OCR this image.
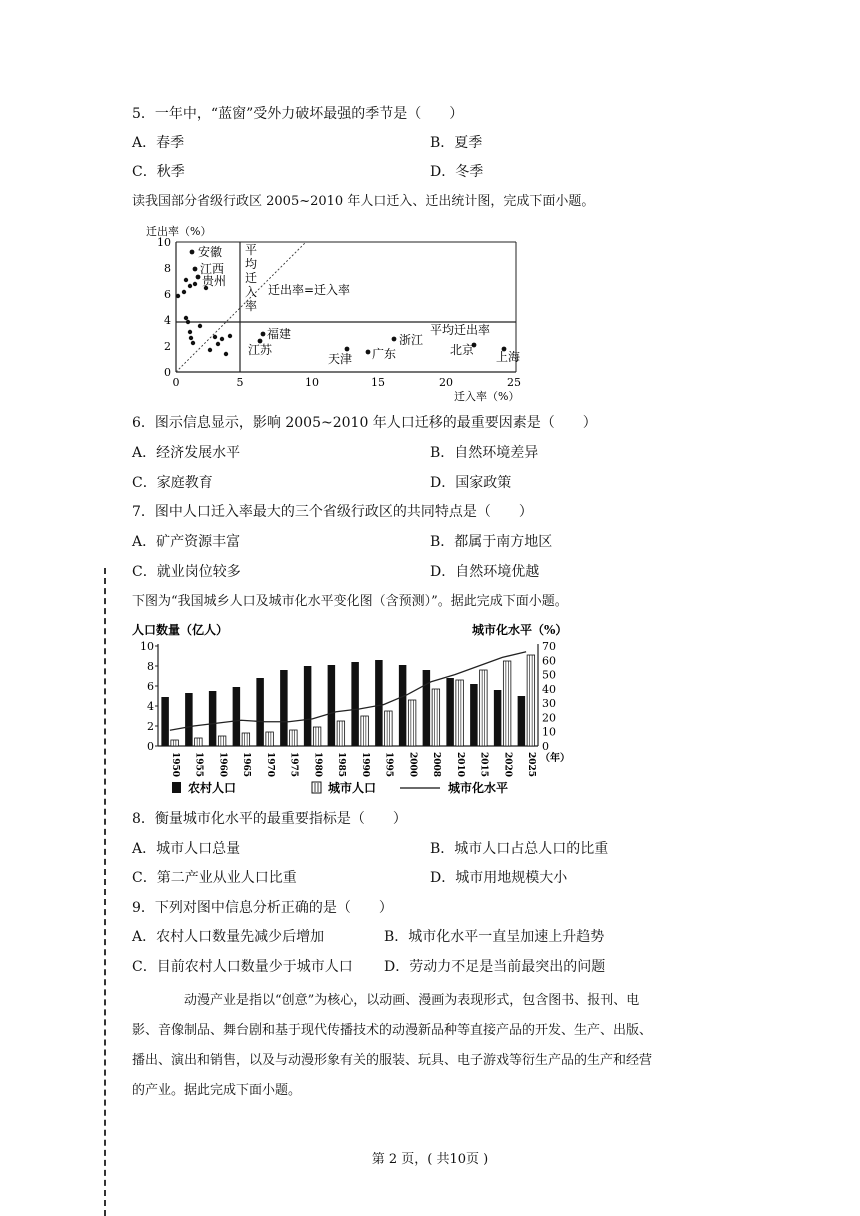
5．一年中，“蓝窗”受外力破坏最强的季节是（　　）
A．春季	B．夏季
C．秋季	D．冬季
读我国部分省级行政区 2005~2010 年人口迁入、迁出统计图，完成下面小题。
迁出率（%）
0
2
4
6
8
10
0	5	10	15	20	25
迁入率（%）
平
均
迁
入
率
迁出率=迁入率
平均迁出率
安徽
江西
贵州
福建
江苏
天津 广东
浙江
北京 上海
6．图示信息显示，影响 2005~2010 年人口迁移的最重要因素是（　　）
A．经济发展水平	B．自然环境差异
C．家庭教育	D．国家政策
7．图中人口迁入率最大的三个省级行政区的共同特点是（　　）
A．矿产资源丰富	B．都属于南方地区
C．就业岗位较多	D．自然环境优越
下图为“我国城乡人口及城市化水平变化图（含预测）”。据此完成下面小题。
人口数量（亿人）	城市化水平（%）
0
2
4
6
8
10
0
10
20
30
40
50
60
70
1950 1955 1960 1965 1970 1975 1980 1985 1990 1995 2000 2008 2010 2015 2020 2025 （年）
农村人口	城市人口	城市化水平
8．衡量城市化水平的最重要指标是（　　）
A．城市人口总量	B．城市人口占总人口的比重
C．第二产业从业人口比重	D．城市用地规模大小
9．下列对图中信息分析正确的是（　　）
A．农村人口数量先减少后增加	B．城市化水平一直呈加速上升趋势
C．目前农村人口数量少于城市人口 D．劳动力不足是当前最突出的问题
　　　　动漫产业是指以“创意”为核心，以动画、漫画为表现形式，包含图书、报刊、电
影、音像制品、舞台剧和基于现代传播技术的动漫新品种等直接产品的开发、生产、出版、
播出、演出和销售，以及与动漫形象有关的服装、玩具、电子游戏等衍生产品的生产和经营
的产业。据此完成下面小题。
第 2 页，( 共10页 )
